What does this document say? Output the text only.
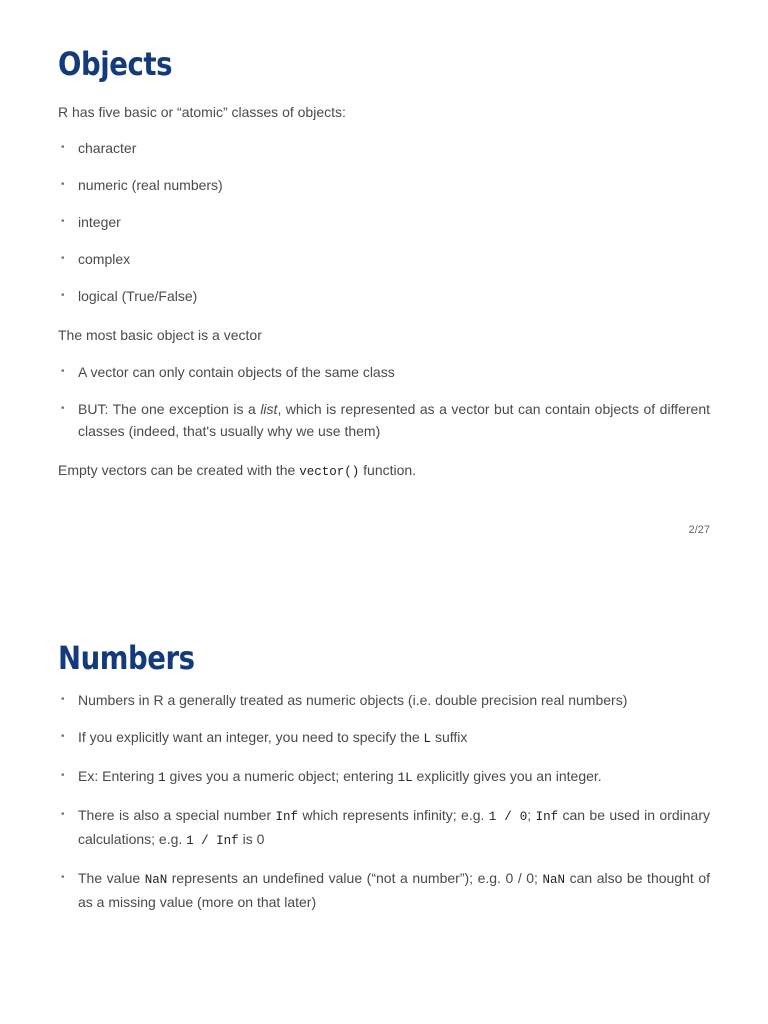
Objects

R has five basic or “atomic” classes of objects:

• character
• numeric (real numbers)
• integer
• complex
• logical (True/False)

The most basic object is a vector

• A vector can only contain objects of the same class
• BUT: The one exception is a list, which is represented as a vector but can contain objects of different classes (indeed, that's usually why we use them)

Empty vectors can be created with the vector() function.

2/27
Numbers
• Numbers in R a generally treated as numeric objects (i.e. double precision real numbers)
• If you explicitly want an integer, you need to specify the L suffix
• Ex: Entering 1 gives you a numeric object; entering 1L explicitly gives you an integer.
• There is also a special number Inf which represents infinity; e.g. 1 / 0; Inf can be used in ordinary calculations; e.g. 1 / Inf is 0
• The value NaN represents an undefined value (“not a number”); e.g. 0 / 0; NaN can also be thought of as a missing value (more on that later)
